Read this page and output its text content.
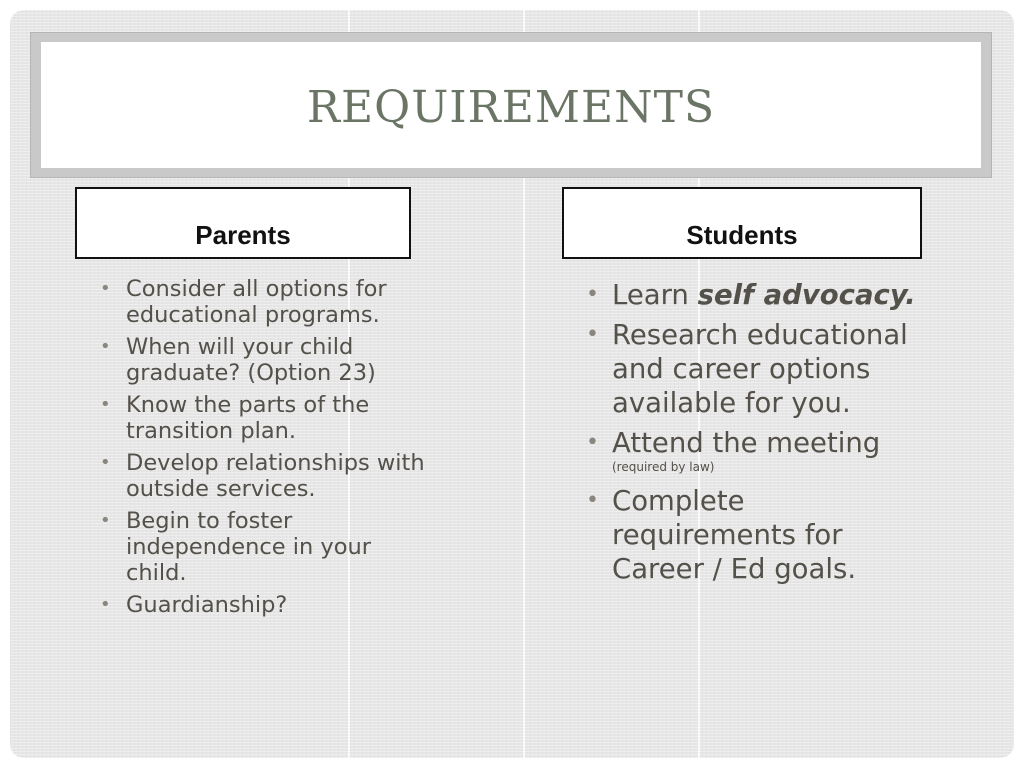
REQUIREMENTS
Parents	Students
• Consider all options for educational programs.
• When will your child graduate? (Option 23)
• Know the parts of the transition plan.
• Develop relationships with outside services.
• Begin to foster independence in your child.
• Guardianship?
• Learn self advocacy.
• Research educational and career options available for you.
• Attend the meeting
(required by law)
• Complete requirements for Career / Ed goals.
